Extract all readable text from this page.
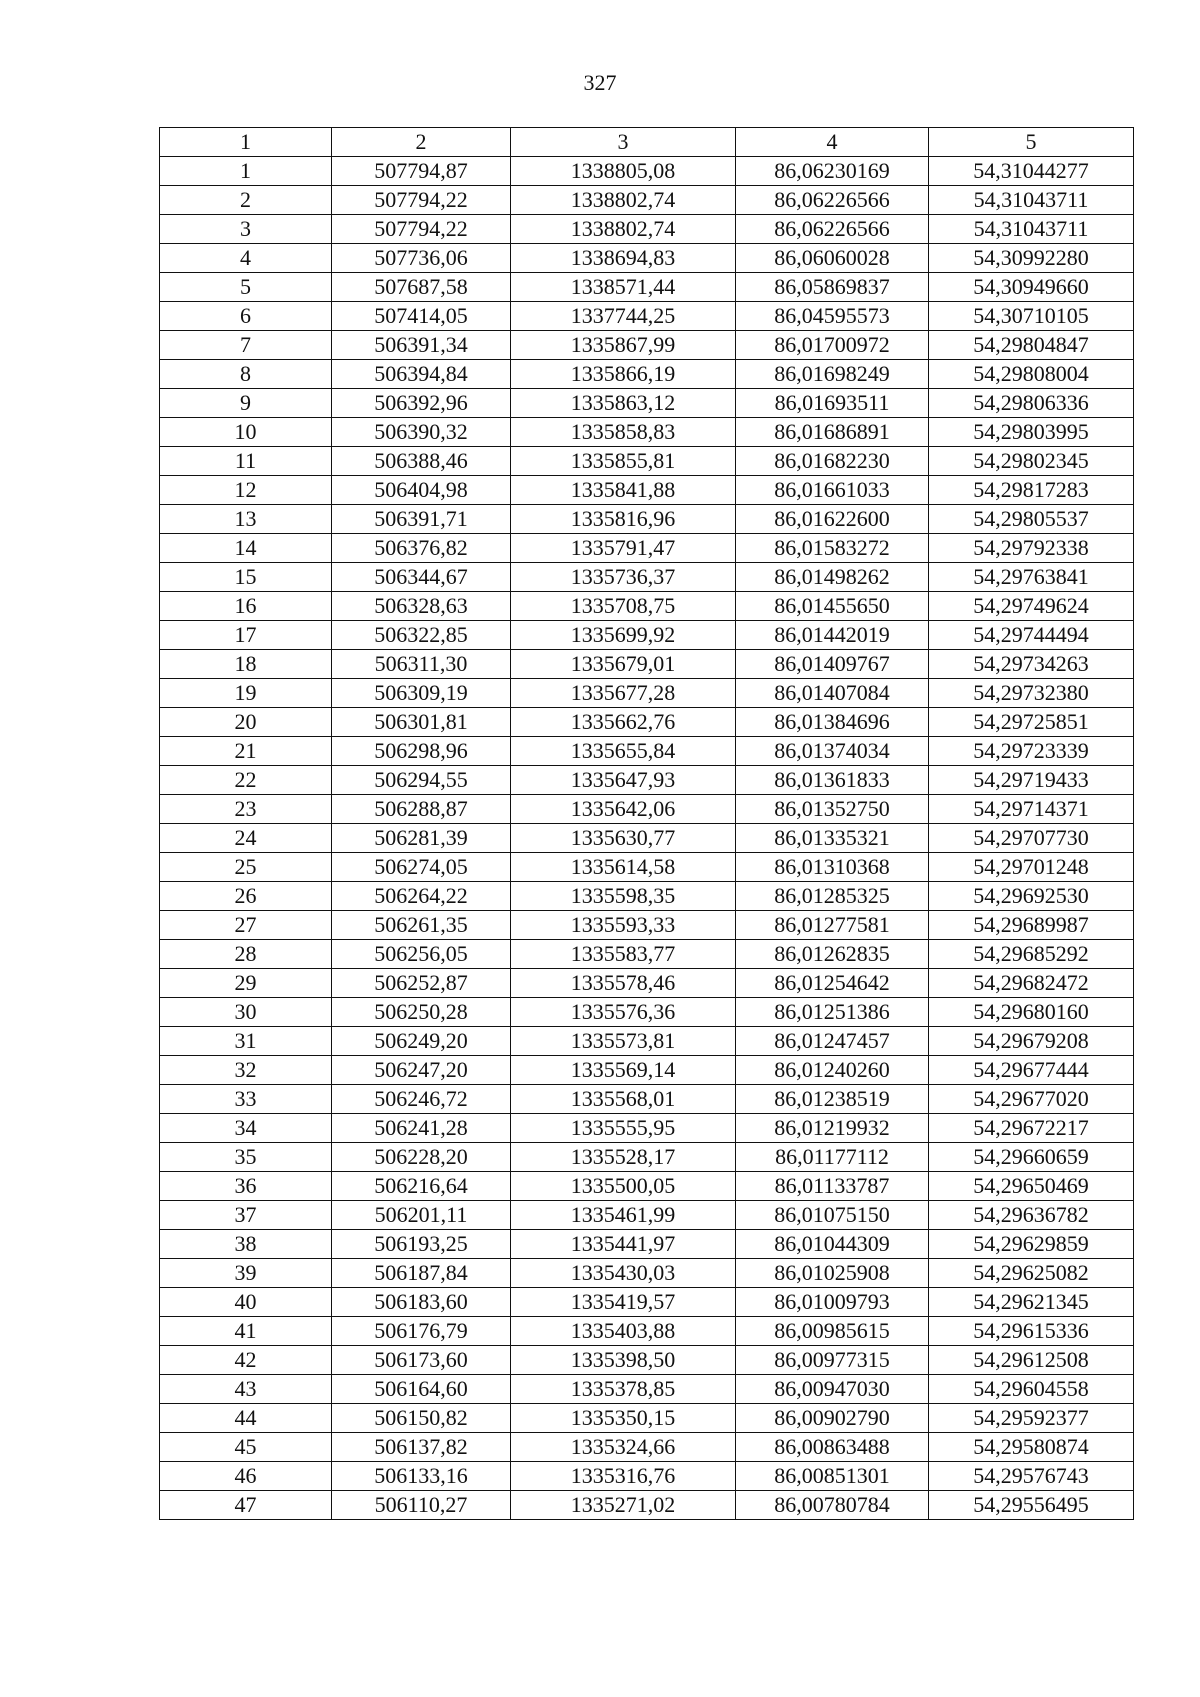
327
1	2	3	4	5
1	507794,87	1338805,08	86,06230169	54,31044277
2	507794,22	1338802,74	86,06226566	54,31043711
3	507794,22	1338802,74	86,06226566	54,31043711
4	507736,06	1338694,83	86,06060028	54,30992280
5	507687,58	1338571,44	86,05869837	54,30949660
6	507414,05	1337744,25	86,04595573	54,30710105
7	506391,34	1335867,99	86,01700972	54,29804847
8	506394,84	1335866,19	86,01698249	54,29808004
9	506392,96	1335863,12	86,01693511	54,29806336
10	506390,32	1335858,83	86,01686891	54,29803995
11	506388,46	1335855,81	86,01682230	54,29802345
12	506404,98	1335841,88	86,01661033	54,29817283
13	506391,71	1335816,96	86,01622600	54,29805537
14	506376,82	1335791,47	86,01583272	54,29792338
15	506344,67	1335736,37	86,01498262	54,29763841
16	506328,63	1335708,75	86,01455650	54,29749624
17	506322,85	1335699,92	86,01442019	54,29744494
18	506311,30	1335679,01	86,01409767	54,29734263
19	506309,19	1335677,28	86,01407084	54,29732380
20	506301,81	1335662,76	86,01384696	54,29725851
21	506298,96	1335655,84	86,01374034	54,29723339
22	506294,55	1335647,93	86,01361833	54,29719433
23	506288,87	1335642,06	86,01352750	54,29714371
24	506281,39	1335630,77	86,01335321	54,29707730
25	506274,05	1335614,58	86,01310368	54,29701248
26	506264,22	1335598,35	86,01285325	54,29692530
27	506261,35	1335593,33	86,01277581	54,29689987
28	506256,05	1335583,77	86,01262835	54,29685292
29	506252,87	1335578,46	86,01254642	54,29682472
30	506250,28	1335576,36	86,01251386	54,29680160
31	506249,20	1335573,81	86,01247457	54,29679208
32	506247,20	1335569,14	86,01240260	54,29677444
33	506246,72	1335568,01	86,01238519	54,29677020
34	506241,28	1335555,95	86,01219932	54,29672217
35	506228,20	1335528,17	86,01177112	54,29660659
36	506216,64	1335500,05	86,01133787	54,29650469
37	506201,11	1335461,99	86,01075150	54,29636782
38	506193,25	1335441,97	86,01044309	54,29629859
39	506187,84	1335430,03	86,01025908	54,29625082
40	506183,60	1335419,57	86,01009793	54,29621345
41	506176,79	1335403,88	86,00985615	54,29615336
42	506173,60	1335398,50	86,00977315	54,29612508
43	506164,60	1335378,85	86,00947030	54,29604558
44	506150,82	1335350,15	86,00902790	54,29592377
45	506137,82	1335324,66	86,00863488	54,29580874
46	506133,16	1335316,76	86,00851301	54,29576743
47	506110,27	1335271,02	86,00780784	54,29556495
